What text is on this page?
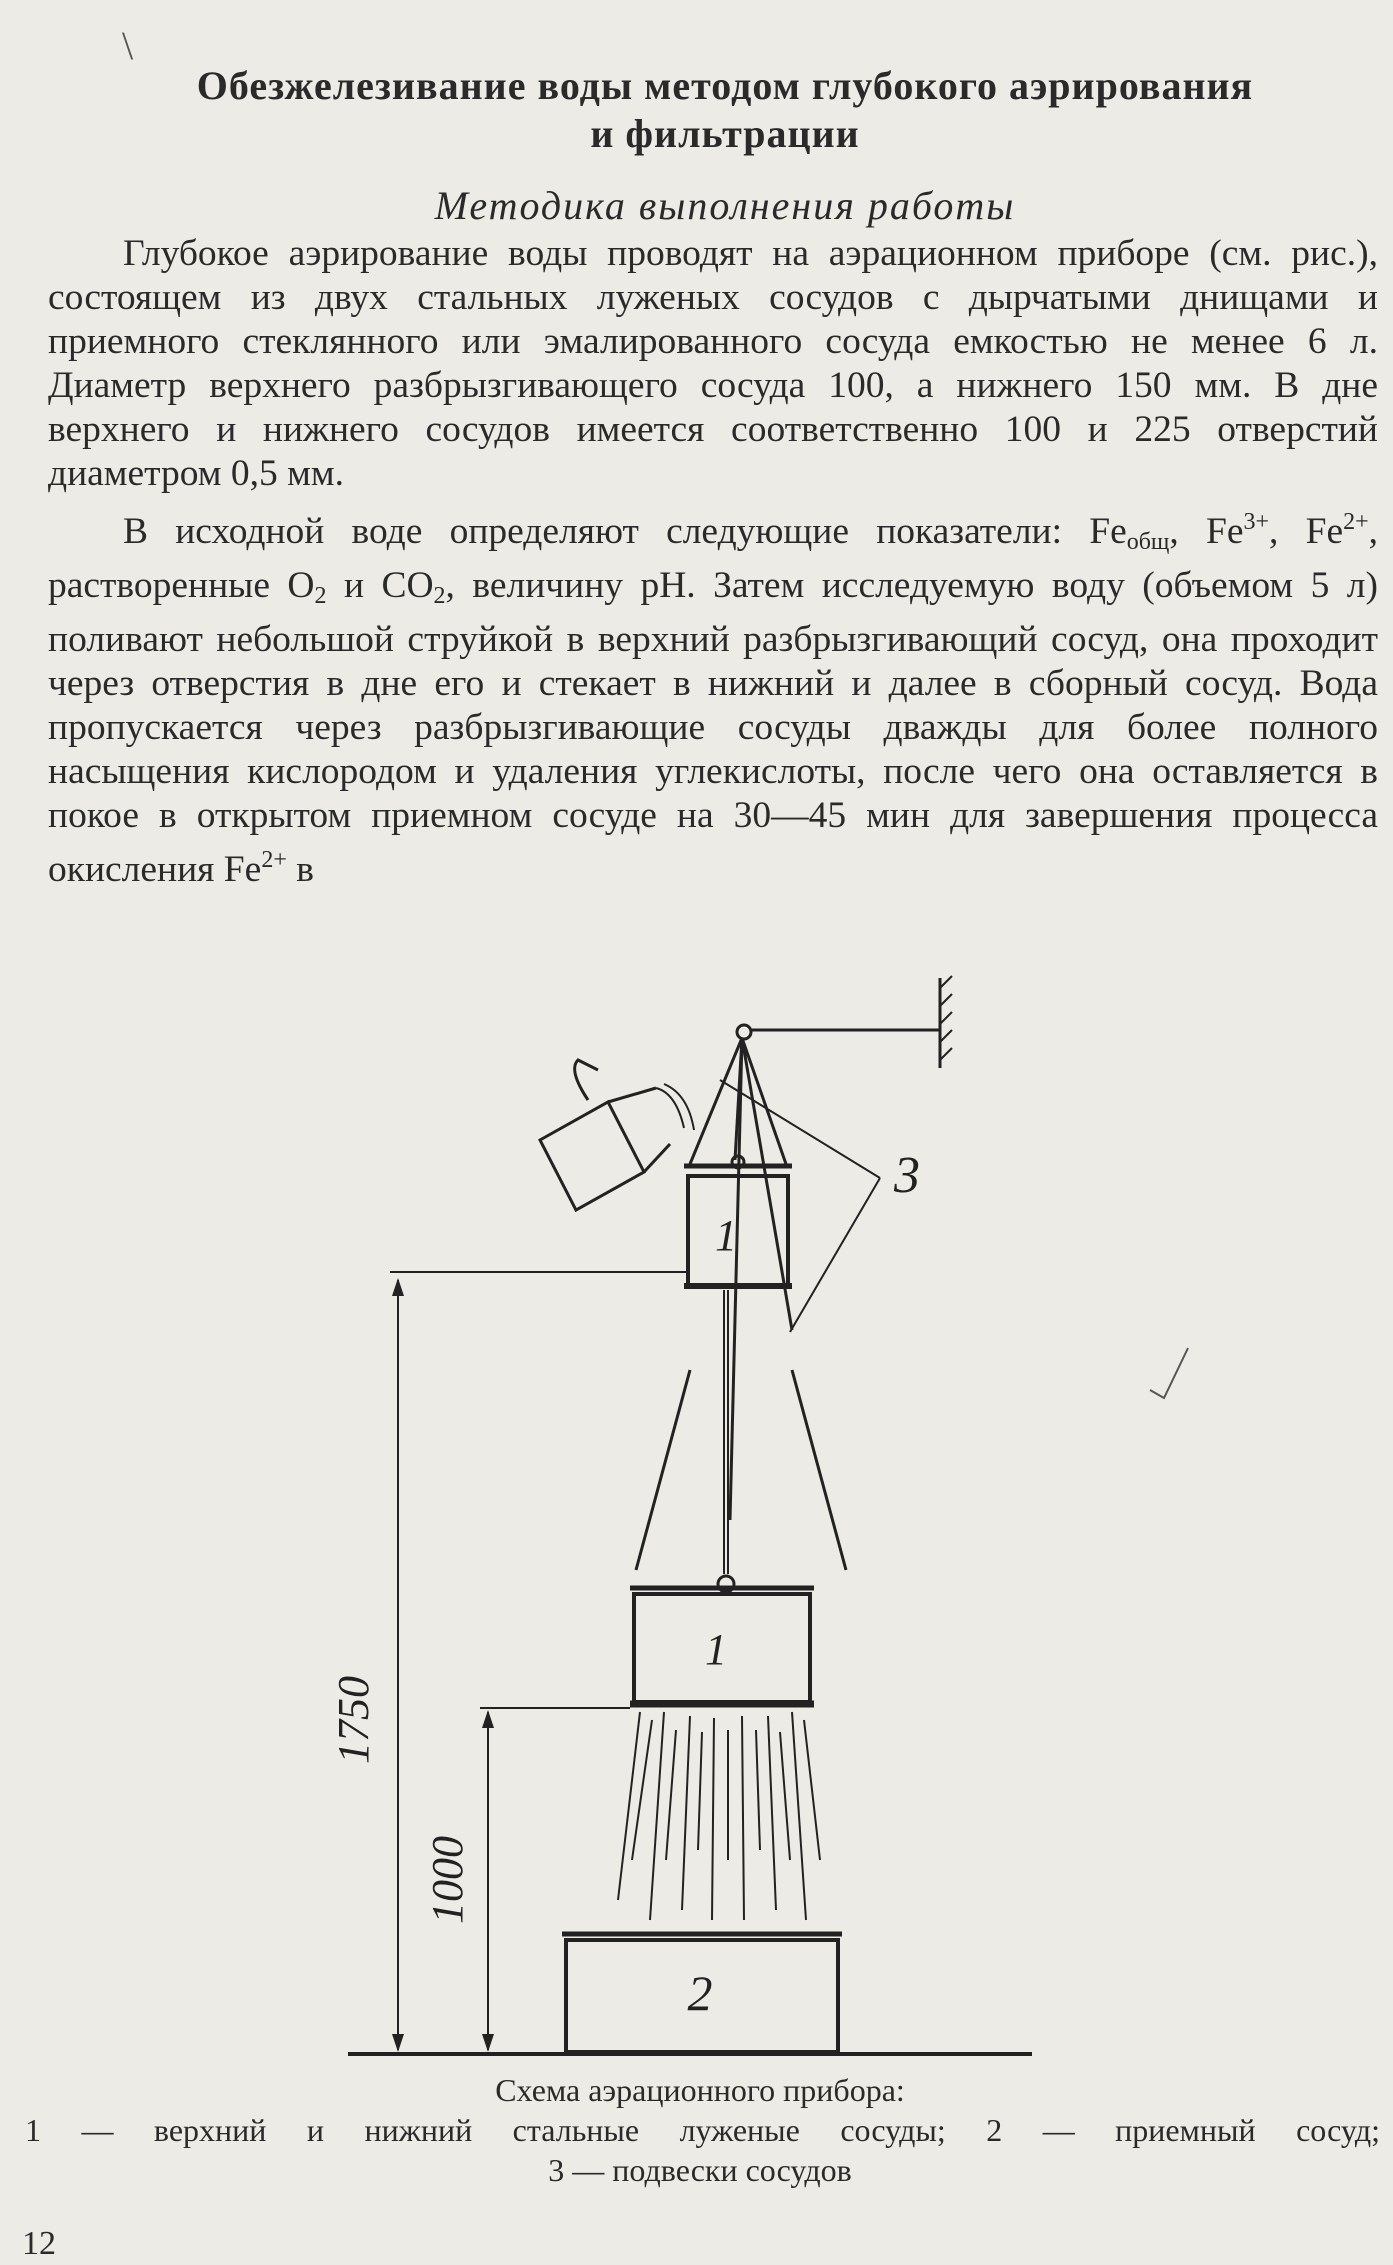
\
Обезжелезивание воды методом глубокого аэрирования
и фильтрации
Методика выполнения работы

Глубокое аэрирование воды проводят на аэрационном приборе (см. рис.), состоящем из двух стальных луженых сосудов с дырчатыми днищами и приемного стеклянного или эмалированного сосуда емкостью не менее 6 л. Диаметр верхнего разбрызгивающего сосуда 100, а нижнего 150 мм. В дне верхнего и нижнего сосудов имеется соответственно 100 и 225 отверстий диаметром 0,5 мм.

В исходной воде определяют следующие показатели: $Fe_{общ}$, $Fe^{3+}$, $Fe^{2+}$, растворенные $O_2$ и $CO_2$, величину pH. Затем исследуемую воду (объемом 5 л) поливают небольшой струйкой в верхний разбрызгивающий сосуд, она проходит через отверстия в дне его и стекает в нижний и далее в сборный сосуд. Вода пропускается через разбрызгивающие сосуды дважды для более полного насыщения кислородом и удаления углекислоты, после чего она оставляется в покое в открытом приемном сосуде на 30—45 мин для завершения процесса окисления $Fe^{2+}$ в

1
1
2
3
1750
1000
Схема аэрационного прибора:
1 — верхний и нижний стальные луженые сосуды; 2 — приемный сосуд;
3 — подвески сосудов
12
